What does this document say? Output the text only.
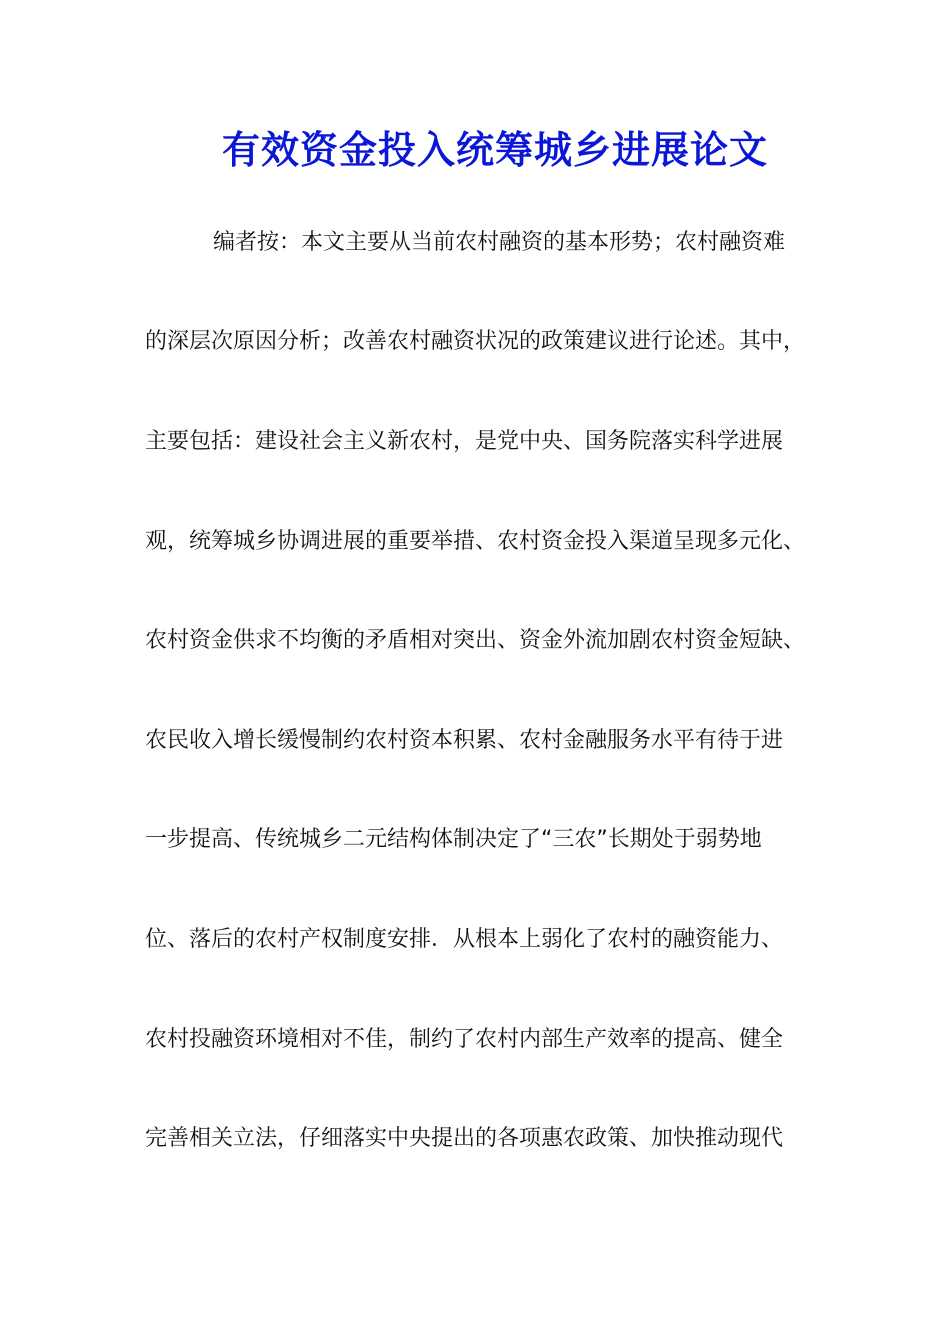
有效资金投入统筹城乡进展论文

编者按：本文主要从当前农村融资的基本形势；农村融资难

的深层次原因分析；改善农村融资状况的政策建议进行论述。其中，

主要包括：建设社会主义新农村，是党中央、国务院落实科学进展

观，统筹城乡协调进展的重要举措、农村资金投入渠道呈现多元化、

农村资金供求不均衡的矛盾相对突出、资金外流加剧农村资金短缺、

农民收入增长缓慢制约农村资本积累、农村金融服务水平有待于进

一步提高、传统城乡二元结构体制决定了“三农”长期处于弱势地

位、落后的农村产权制度安排．从根本上弱化了农村的融资能力、

农村投融资环境相对不佳，制约了农村内部生产效率的提高、健全

完善相关立法，仔细落实中央提出的各项惠农政策、加快推动现代
